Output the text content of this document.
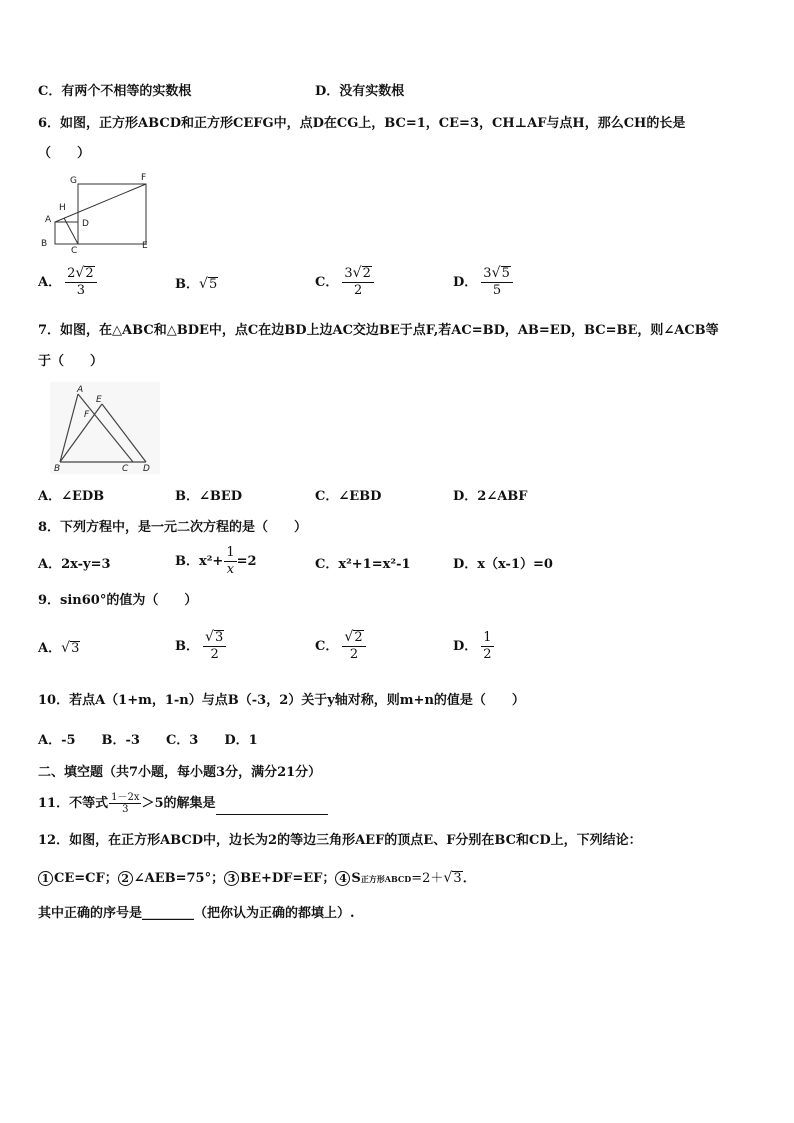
C．有两个不相等的实数根	D．没有实数根
6．如图，正方形ABCD和正方形CEFG中，点D在CG上，BC=1，CE=3，CH⊥AF与点H，那么CH的长是
（　　）
G	F
H
A	D
B
C	E
A． $\frac{2 √ 2}{3}$	B． √ 5	C． $\frac{3 √ 2}{2}$	D． $\frac{3 √ 5}{5}$
7．如图，在△ABC和△BDE中，点C在边BD上边AC交边BE于点F,若AC=BD，AB=ED，BC=BE，则∠ACB等
于（　　）
A
E
F
B	C D
A．∠EDB	B．∠BED	C．∠EBD	D．2∠ABF
8．下列方程中，是一元二次方程的是（　　）
A．2x-y=3	B．$x^2+ \frac{1}{x} =2$	C．x²+1=x²-1	D．x（x-1）=0
9．sin60°的值为（　　）
A． √ 3	B． √ $\frac{3}{2}$	C． √ $\frac{2}{2}$	D． $\frac{1}{2}$
10．若点A（1+m，1-n）与点B（-3，2）关于y轴对称，则m+n的值是（　　）
A．-5　　B．-3　　C．3　　D．1
二、填空题（共7小题，每小题3分，满分21分）
11．不等式 $\frac{1-2x}{3} >5$的解集是
12．如图，在正方形ABCD中，边长为2的等边三角形AEF的顶点E、F分别在BC和CD上，下列结论：
1 CE=CF； 2 ∠AEB=75°； 3 BE+DF=EF； 4 S正方形ABCD=2＋ √ 3．
其中正确的序号是________（把你认为正确的都填上）.
